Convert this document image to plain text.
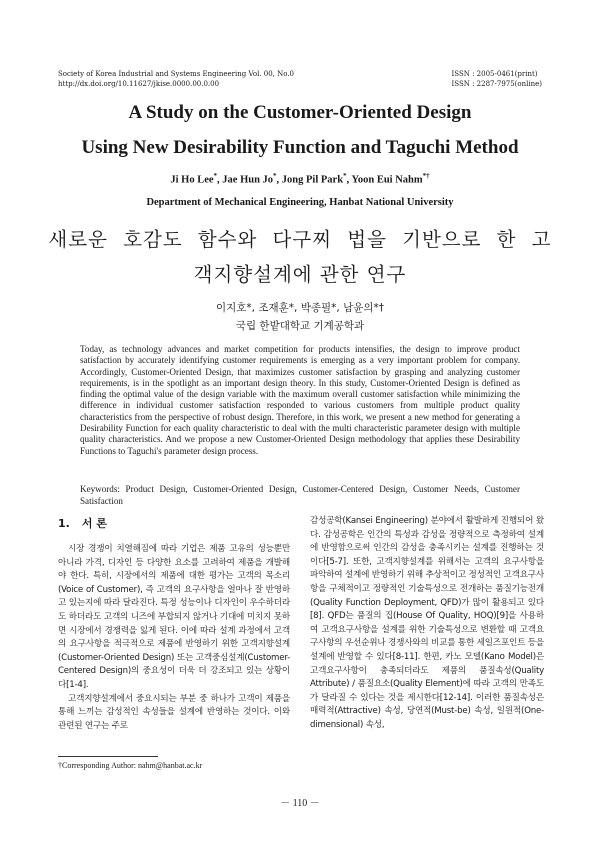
Society of Korea Industrial and Systems Engineering Vol. 00, No.0
http://dx.doi.org/10.11627/jkise.0000.00.0.00
ISSN : 2005-0461(print)
ISSN : 2287-7975(online)
A Study on the Customer-Oriented Design
Using New Desirability Function and Taguchi Method
Ji Ho Lee*, Jae Hun Jo*, Jong Pil Park*, Yoon Eui Nahm*†
Department of Mechanical Engineering, Hanbat National University
새로운 호감도 함수와 다구찌 법을 기반으로 한 고
객지향설계에 관한 연구
이지호*, 조재훈*, 박종필*, 남윤의*†
국립 한밭대학교 기계공학과

Today, as technology advances and market competition for products intensifies, the design to improve product satisfaction by accurately identifying customer requirements is emerging as a very important problem for company. Accordingly, Customer-Oriented Design, that maximizes customer satisfaction by grasping and analyzing customer requirements, is in the spotlight as an important design theory. In this study, Customer-Oriented Design is defined as finding the optimal value of the design variable with the maximum overall customer satisfaction while minimizing the difference in individual customer satisfaction responded to various customers from multiple product quality characteristics from the perspective of robust design. Therefore, in this work, we present a new method for generating a Desirability Function for each quality characteristic to deal with the multi characteristic parameter design with multiple quality characteristics. And we propose a new Customer-Oriented Design methodology that applies these Desirability Functions to Taguchi's parameter design process.

Keywords: Product Design, Customer-Oriented Design, Customer-Centered Design, Customer Needs, Customer Satisfaction

1. 서 론

시장 경쟁이 치열해짐에 따라 기업은 제품 고유의 성능뿐만 아니라 가격, 디자인 등 다양한 요소를 고려하여 제품을 개발해야 한다. 특히, 시장에서의 제품에 대한 평가는 고객의 목소리(Voice of Customer), 즉 고객의 요구사항을 얼마나 잘 반영하고 있는지에 따라 달라진다. 특정 성능이나 디자인이 우수하더라도 하더라도 고객의 니즈에 부합되지 않거나 기대에 미치지 못하면 시장에서 경쟁력을 잃게 된다. 이에 따라 설계 과정에서 고객의 요구사항을 적극적으로 제품에 반영하기 위한 고객지향설계(Customer-Oriented Design) 또는 고객중심설계(Customer-Centered Design)의 중요성이 더욱 더 강조되고 있는 상황이다[1-4].

고객지향설계에서 중요시되는 부분 중 하나가 고객이 제품을 통해 느끼는 감성적인 속성들을 설계에 반영하는 것이다. 이와 관련된 연구는 주로

감성공학(Kansei Engineering) 분야에서 활발하게 진행되어 왔다. 감성공학은 인간의 특성과 감성을 정량적으로 측정하여 설계에 반영함으로써 인간의 감성을 충족시키는 설계를 진행하는 것이다[5-7]. 또한, 고객지향설계를 위해서는 고객의 요구사항을 파악하여 설계에 반영하기 위해 추상적이고 정성적인 고객요구사항을 구체적이고 정량적인 기술특성으로 전개하는 품질기능전개(Quality Function Deployment, QFD)가 많이 활용되고 있다[8]. QFD는 품질의 집(House Of Quality, HOQ)[9]을 사용하여 고객요구사항을 설계를 위한 기술특성으로 변환할 때 고객요구사항의 우선순위나 경쟁사와의 비교를 통한 세일즈포인트 등을 설계에 반영할 수 있다[8-11]. 한편, 카노 모델(Kano Model)은 고객요구사항이 충족되더라도 제품의 품질속성(Quality Attribute) / 품질요소(Quality Element)에 따라 고객의 만족도가 달라질 수 있다는 것을 제시한다[12-14]. 이러한 품질속성은 매력적(Attractive) 속성, 당연적(Must-be) 속성, 일원적(One-dimensional) 속성,

†Corresponding Author: nahm@hanbat.ac.kr
－ 110 －
